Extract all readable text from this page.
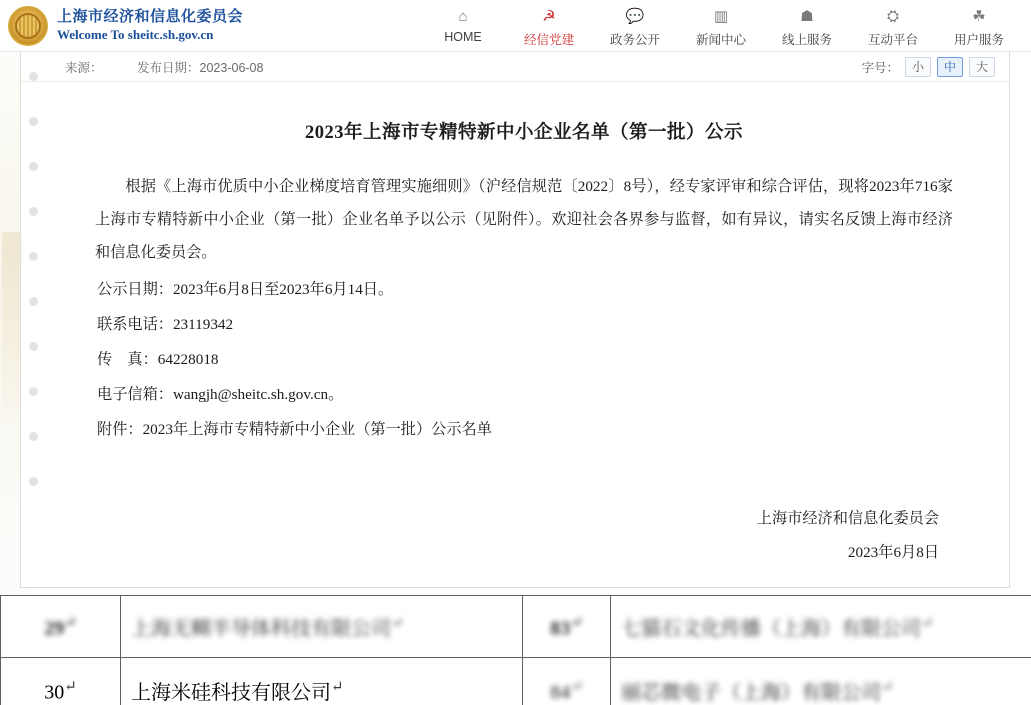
上海市经济和信息化委员会
Welcome To sheitc.sh.gov.cn
⌂
HOME
☭
经信党建
💬
政务公开
▥
新闻中心
☗
线上服务
⛭
互动平台
☘
用户服务
来源：	发布日期：2023-06-08	字号：	小	中	大
2023年上海市专精特新中小企业名单（第一批）公示

根据《上海市优质中小企业梯度培育管理实施细则》（沪经信规范〔2022〕8号），经专家评审和综合评估，现将2023年716家上海市专精特新中小企业（第一批）企业名单予以公示（见附件）。欢迎社会各界参与监督，如有异议，请实名反馈上海市经济和信息化委员会。

公示日期：2023年6月8日至2023年6月14日。

联系电话：23119342

传　真：64228018

电子信箱：wangjh@sheitc.sh.gov.cn。

附件：2023年上海市专精特新中小企业（第一批）公示名单

上海市经济和信息化委员会
2023年6月8日
29↵	上海无糊半导体科技有限公司↵	83↵	七猫石文化传播（上海）有限公司↵
30↵	上海米硅科技有限公司↵	84↵	丽芯微电子（上海）有限公司↵
